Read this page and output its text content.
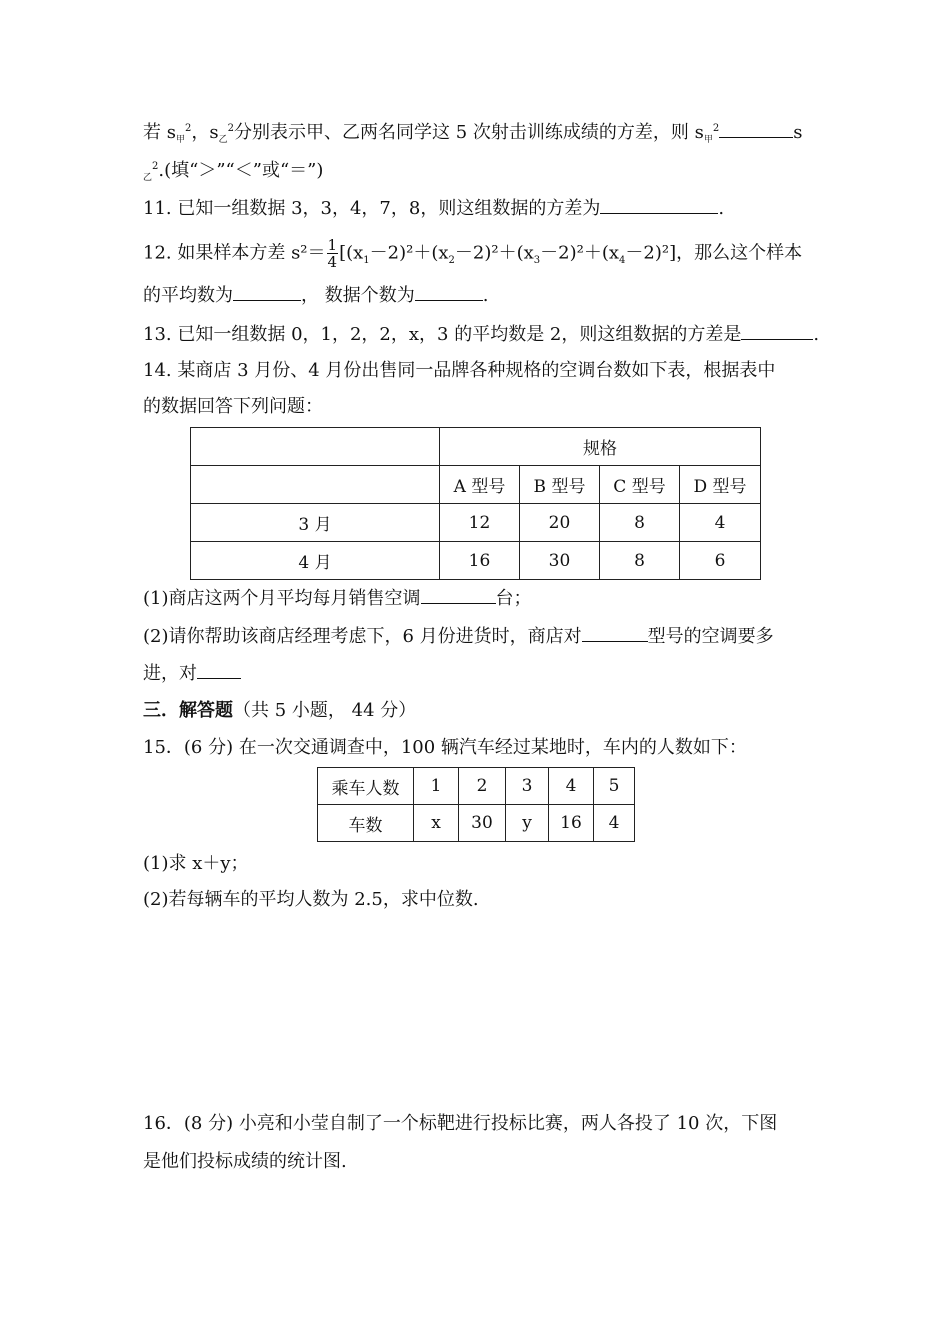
若 $s_甲^2$，$s_乙^2$分别表示甲、乙两名同学这 5 次射击训练成绩的方差，则 $s_甲^2$	s
$_乙^2$.(填“＞”“＜”或“＝”)
11. 已知一组数据 3，3，4，7，8，则这组数据的方差为	.
12. 如果样本方差 $s^2= \frac{1}{4} [(x_1-2)^2+(x_2-2)^2+(x_3-2)^2+(x_4-2)^2]$，那么这个样本
的平均数为	， 数据个数为	.
13. 已知一组数据 0，1，2，2，x，3 的平均数是 2，则这组数据的方差是	.
14. 某商店 3 月份、4 月份出售同一品牌各种规格的空调台数如下表，根据表中
的数据回答下列问题：
	规格			
	A 型号	B 型号	C 型号	D 型号
3 月	12	20	8	4
4 月	16	30	8	6
(1)商店这两个月平均每月销售空调	台；
(2)请你帮助该商店经理考虑下，6 月份进货时，商店对	型号的空调要多
进，对
三．解答题（共 5 小题， 44 分）
15．(6 分) 在一次交通调查中，100 辆汽车经过某地时，车内的人数如下：
乘车人数	1	2	3	4	5
车数	x	30	y	16	4
(1)求 x＋y；
(2)若每辆车的平均人数为 2.5，求中位数.
16．(8 分) 小亮和小莹自制了一个标靶进行投标比赛，两人各投了 10 次，下图
是他们投标成绩的统计图.
